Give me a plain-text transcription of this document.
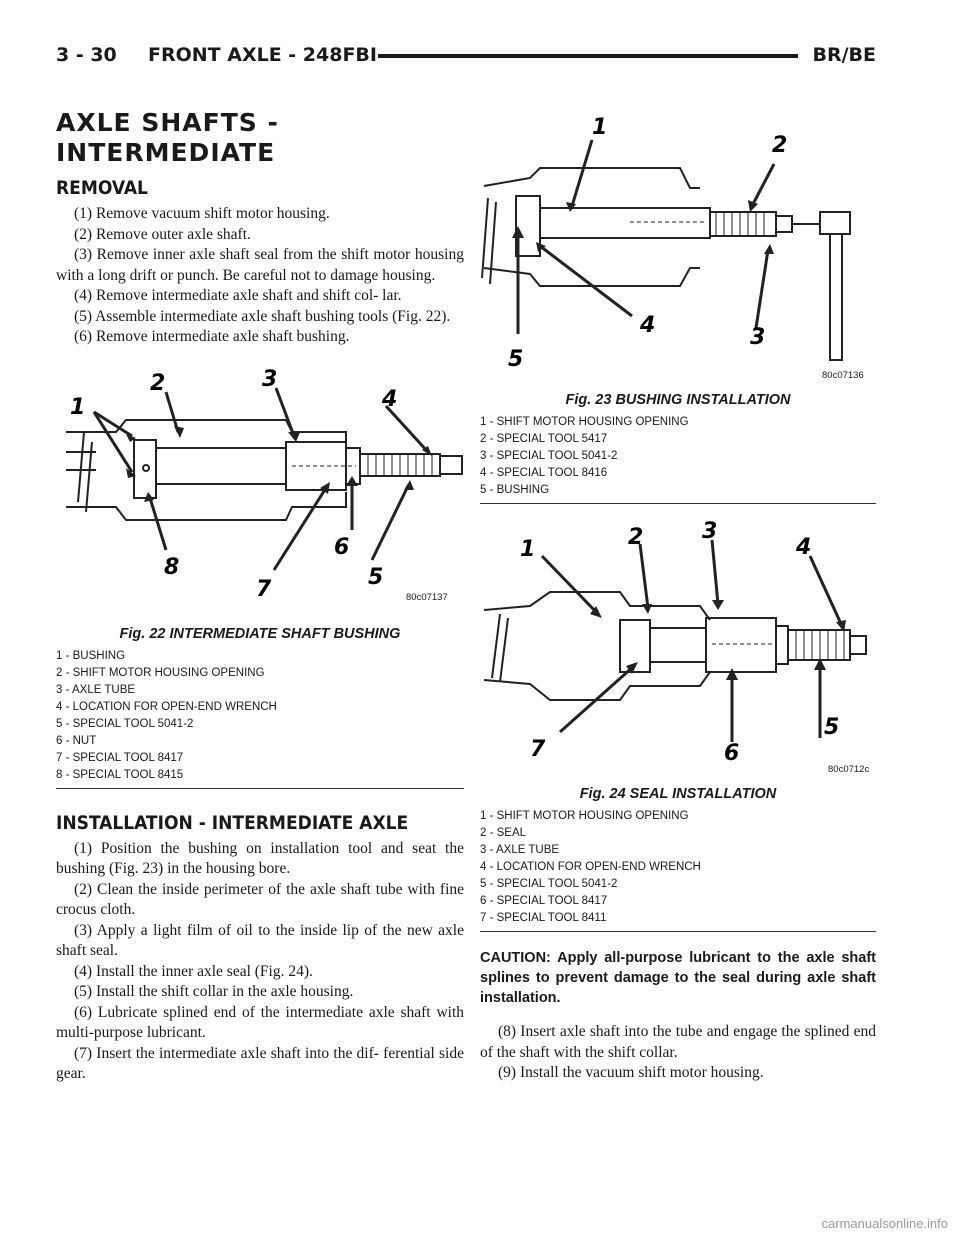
3 - 30 FRONT AXLE - 248FBI	BR/BE
AXLE SHAFTS -
INTERMEDIATE
REMOVAL

(1) Remove vacuum shift motor housing.

(2) Remove outer axle shaft.

(3) Remove inner axle shaft seal from the shift motor housing with a long drift or punch. Be careful not to damage housing.

(4) Remove intermediate axle shaft and shift col- lar.

(5) Assemble intermediate axle shaft bushing tools (Fig. 22).

(6) Remove intermediate axle shaft bushing.

1
2	3
4
5
6
7
8
80c07137
Fig. 22 INTERMEDIATE SHAFT BUSHING
1 - BUSHING
2 - SHIFT MOTOR HOUSING OPENING
3 - AXLE TUBE
4 - LOCATION FOR OPEN-END WRENCH
5 - SPECIAL TOOL 5041-2
6 - NUT
7 - SPECIAL TOOL 8417
8 - SPECIAL TOOL 8415
INSTALLATION - INTERMEDIATE AXLE

(1) Position the bushing on installation tool and seat the bushing (Fig. 23) in the housing bore.

(2) Clean the inside perimeter of the axle shaft tube with fine crocus cloth.

(3) Apply a light film of oil to the inside lip of the new axle shaft seal.

(4) Install the inner axle seal (Fig. 24).

(5) Install the shift collar in the axle housing.

(6) Lubricate splined end of the intermediate axle shaft with multi-purpose lubricant.

(7) Insert the intermediate axle shaft into the dif- ferential side gear.

1
2
3
4
5
80c07136
Fig. 23 BUSHING INSTALLATION
1 - SHIFT MOTOR HOUSING OPENING
2 - SPECIAL TOOL 5417
3 - SPECIAL TOOL 5041-2
4 - SPECIAL TOOL 8416
5 - BUSHING
1	2	3
4
5
6
7
80c0712c
Fig. 24 SEAL INSTALLATION
1 - SHIFT MOTOR HOUSING OPENING
2 - SEAL
3 - AXLE TUBE
4 - LOCATION FOR OPEN-END WRENCH
5 - SPECIAL TOOL 5041-2
6 - SPECIAL TOOL 8417
7 - SPECIAL TOOL 8411
CAUTION: Apply all-purpose lubricant to the axle shaft splines to prevent damage to the seal during axle shaft installation.

(8) Insert axle shaft into the tube and engage the splined end of the shaft with the shift collar.

(9) Install the vacuum shift motor housing.

carmanualsonline.info
